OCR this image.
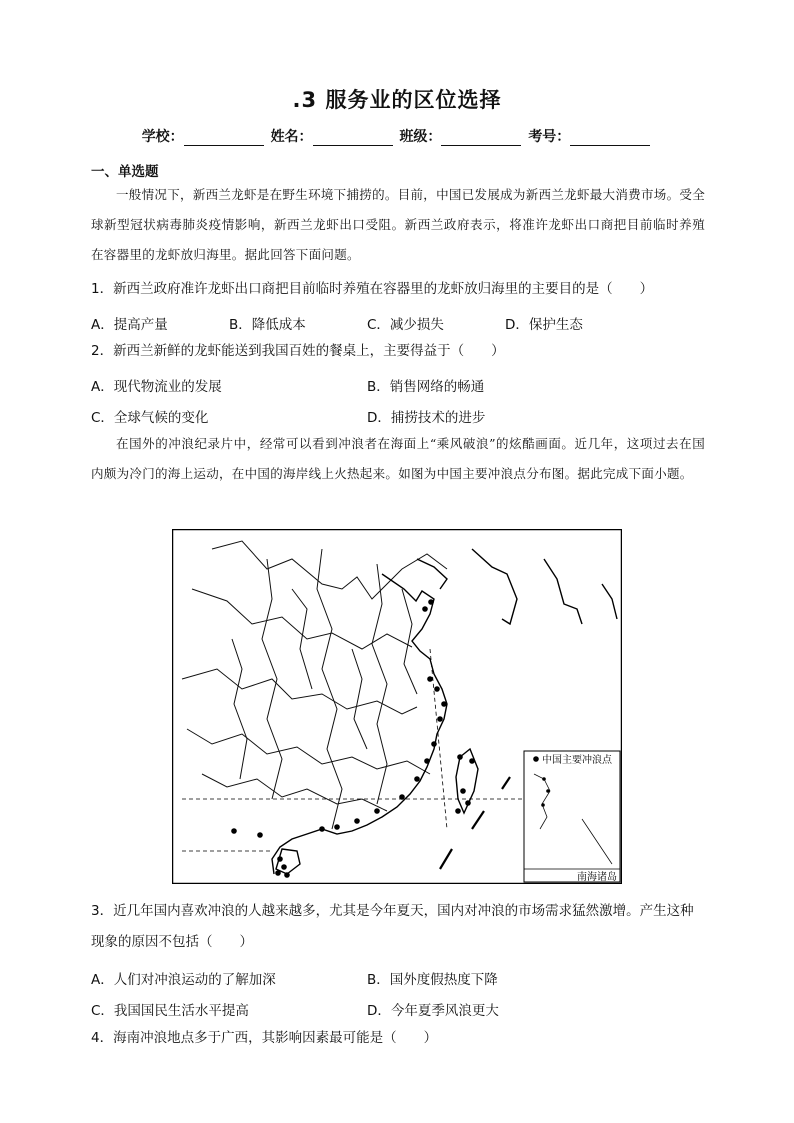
.3 服务业的区位选择
学校：	姓名：	班级：	考号：
一、单选题
一般情况下，新西兰龙虾是在野生环境下捕捞的。目前，中国已发展成为新西兰龙虾最大消费市场。受全球新型冠状病毒肺炎疫情影响，新西兰龙虾出口受阻。新西兰政府表示，将准许龙虾出口商把目前临时养殖在容器里的龙虾放归海里。据此回答下面问题。
1．新西兰政府准许龙虾出口商把目前临时养殖在容器里的龙虾放归海里的主要目的是（　　）
A．提高产量	B．降低成本	C．减少损失	D．保护生态
2．新西兰新鲜的龙虾能送到我国百姓的餐桌上，主要得益于（　　）
A．现代物流业的发展	B．销售网络的畅通
C．全球气候的变化	D．捕捞技术的进步
在国外的冲浪纪录片中，经常可以看到冲浪者在海面上“乘风破浪”的炫酷画面。近几年，这项过去在国内颇为冷门的海上运动，在中国的海岸线上火热起来。如图为中国主要冲浪点分布图。据此完成下面小题。
中国主要冲浪点
南海诸岛
3．近几年国内喜欢冲浪的人越来越多，尤其是今年夏天，国内对冲浪的市场需求猛然激增。产生这种现象的原因不包括（　　）
A．人们对冲浪运动的了解加深	B．国外度假热度下降
C．我国国民生活水平提高	D．今年夏季风浪更大
4．海南冲浪地点多于广西，其影响因素最可能是（　　）
